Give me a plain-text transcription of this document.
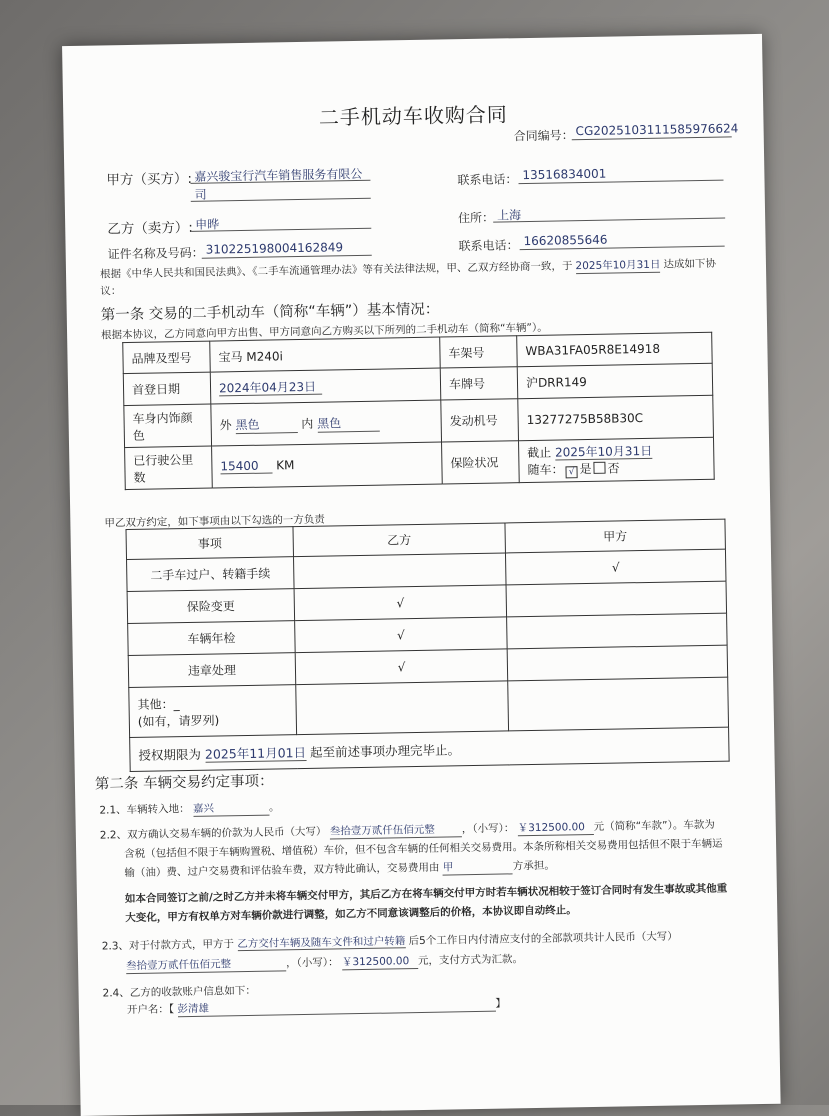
二手机动车收购合同
合同编号： CG2025103111585976624
甲方（买方）: 嘉兴骏宝行汽车销售服务有限公
司
联系电话： 13516834001
乙方（卖方）: 申晔	住所： 上海
证件名称及号码： 310225198004162849	联系电话： 16620855646
根据《中华人民共和国民法典》、《二手车流通管理办法》等有关法律法规，甲、乙双方经协商一致，于 2025年10月31日 达成如下协
议：
第一条 交易的二手机动车（简称“车辆”）基本情况：
根据本协议，乙方同意向甲方出售、甲方同意向乙方购买以下所列的二手机动车（简称“车辆”）。
品牌及型号	宝马 M240i	车架号	WBA31FA05R8E14918
首登日期	2024年04月23日	车牌号	沪DRR149
车身内饰颜
色	外 黑色 内 黑色	发动机号	13277275B58B30C
已行驶公里
数	15400 KM	保险状况	截止 2025年10月31日
随车： √ 是 否
甲乙双方约定，如下事项由以下勾选的一方负责
事项	乙方	甲方
二手车过户、转籍手续		√
保险变更	√	
车辆年检	√	
违章处理	√	
其他：_
(如有，请罗列)		
授权期限为 2025年11月01日 起至前述事项办理完毕止。		
第二条 车辆交易约定事项：
2.1、车辆转入地： 嘉兴	。
2.2、双方确认交易车辆的价款为人民币（大写） 叁拾壹万贰仟伍佰元整	，（小写）： ￥312500.00 元（简称“车款”）。车款为
含税（包括但不限于车辆购置税、增值税）车价，但不包含车辆的任何相关交易费用。本条所称相关交易费用包括但不限于车辆运
输（油）费、过户交易费和评估验车费，双方特此确认，交易费用由 甲	方承担。
如本合同签订之前/之时乙方并未将车辆交付甲方，其后乙方在将车辆交付甲方时若车辆状况相较于签订合同时有发生事故或其他重
大变化，甲方有权单方对车辆价款进行调整，如乙方不同意该调整后的价格，本协议即自动终止。
2.3、对于付款方式，甲方于 乙方交付车辆及随车文件和过户转籍 后5个工作日内付清应支付的全部款项共计人民币（大写）
叁拾壹万贰仟伍佰元整	，（小写）： ￥312500.00 元，支付方式为汇款。
2.4、乙方的收款账户信息如下：
开户名：【 彭清雄	】
